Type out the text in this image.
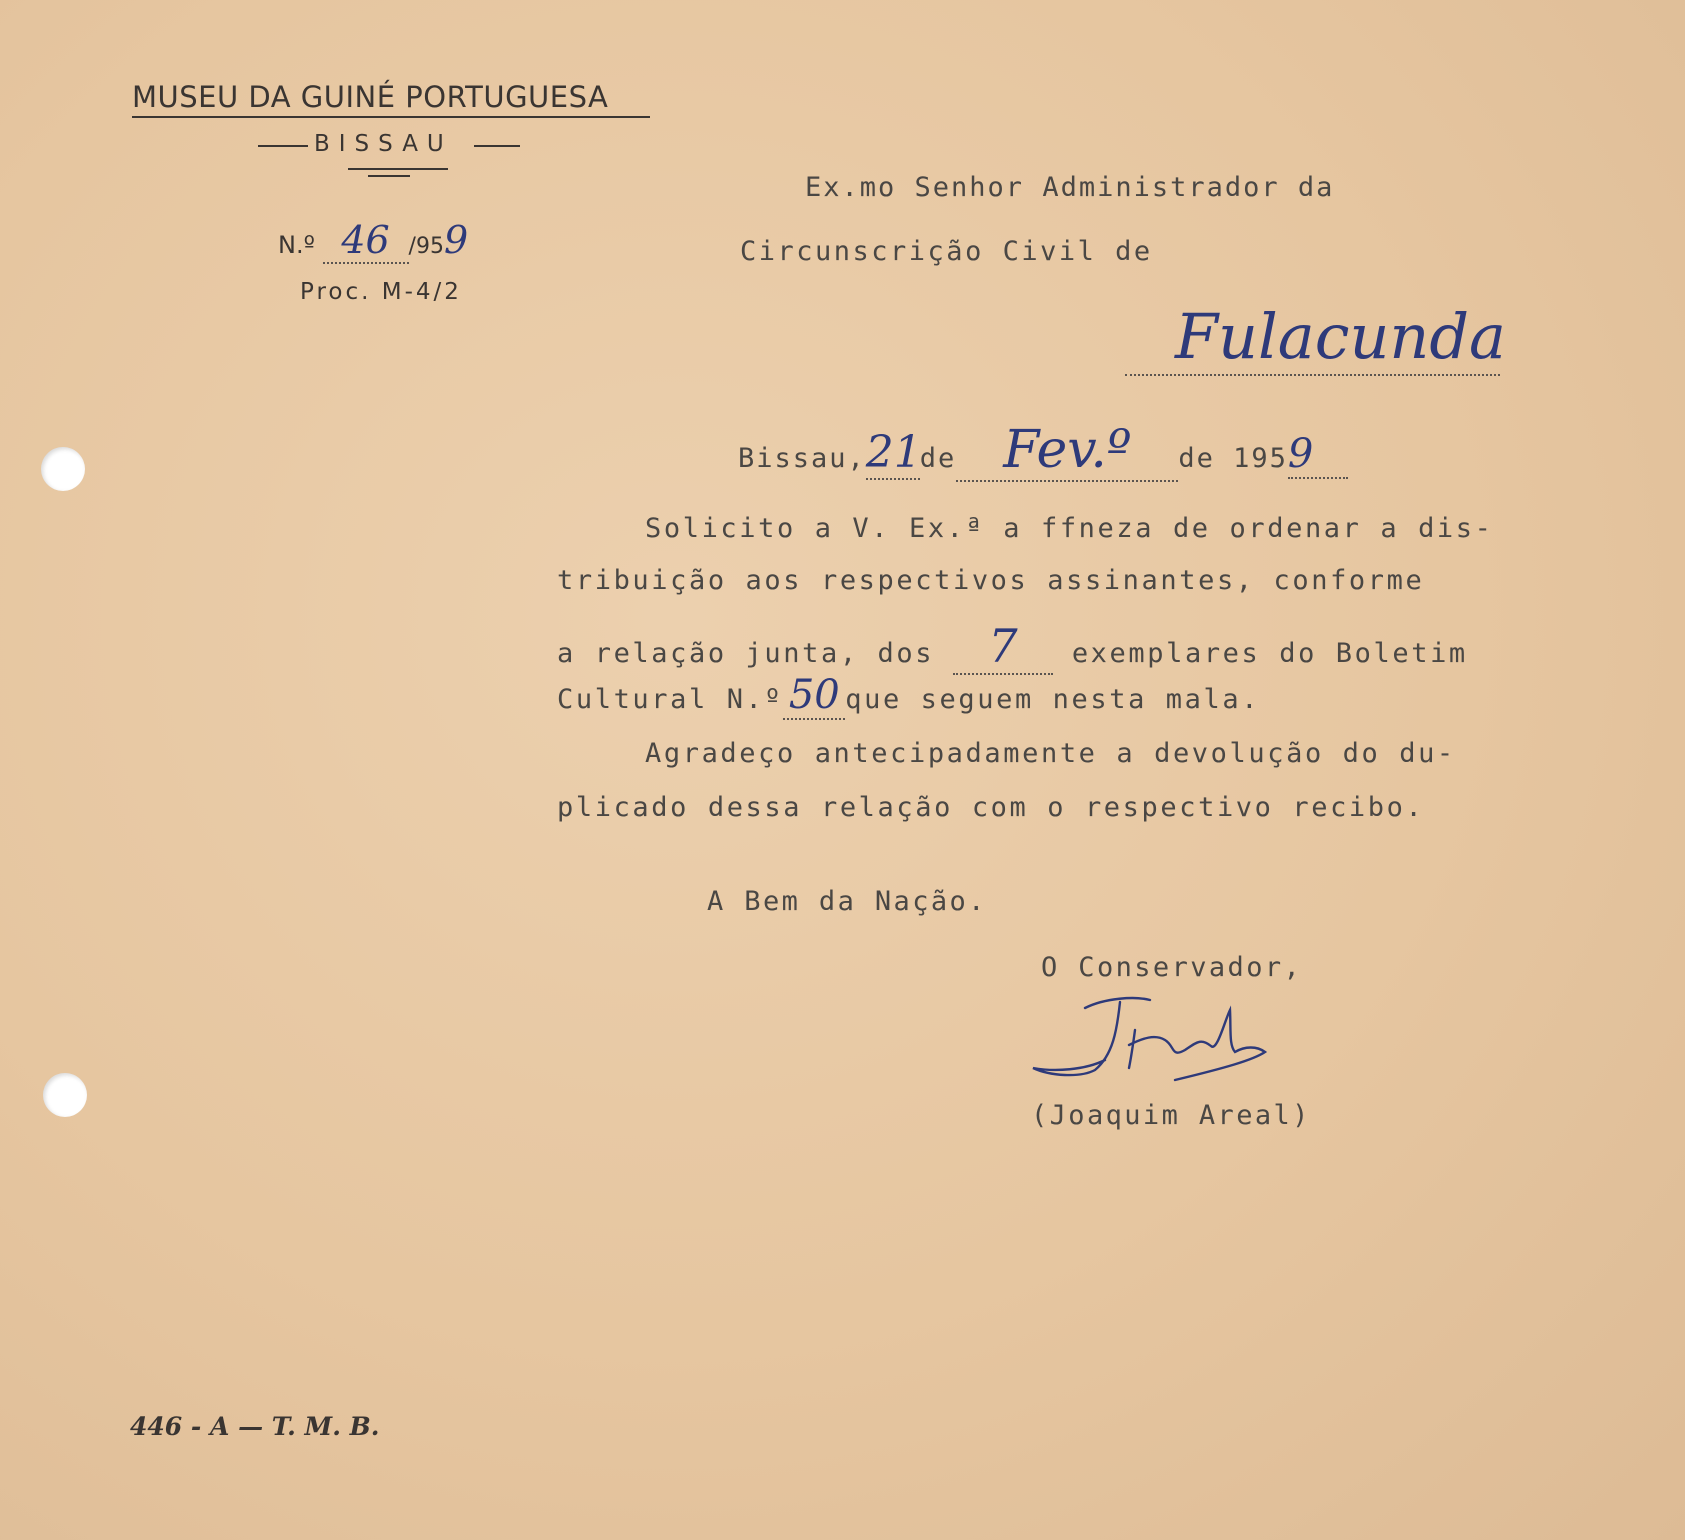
MUSEU DA GUINÉ PORTUGUESA
BISSAU
N.º 46 /959
Proc. M-4/2
Ex.mo Senhor Administrador da
Circunscrição Civil de
Fulacunda
Bissau,21de Fev.º de 1959
Solicito a V. Ex.ª a ffneza de ordenar a dis-
tribuição aos respectivos assinantes, conforme
a relação junta, dos 7 exemplares do Boletim
Cultural N.º 50 que seguem nesta mala.
Agradeço antecipadamente a devolução do du-
plicado dessa relação com o respectivo recibo.
A Bem da Nação.
O Conservador,
(Joaquim Areal)
446 - A — T. M. B.
